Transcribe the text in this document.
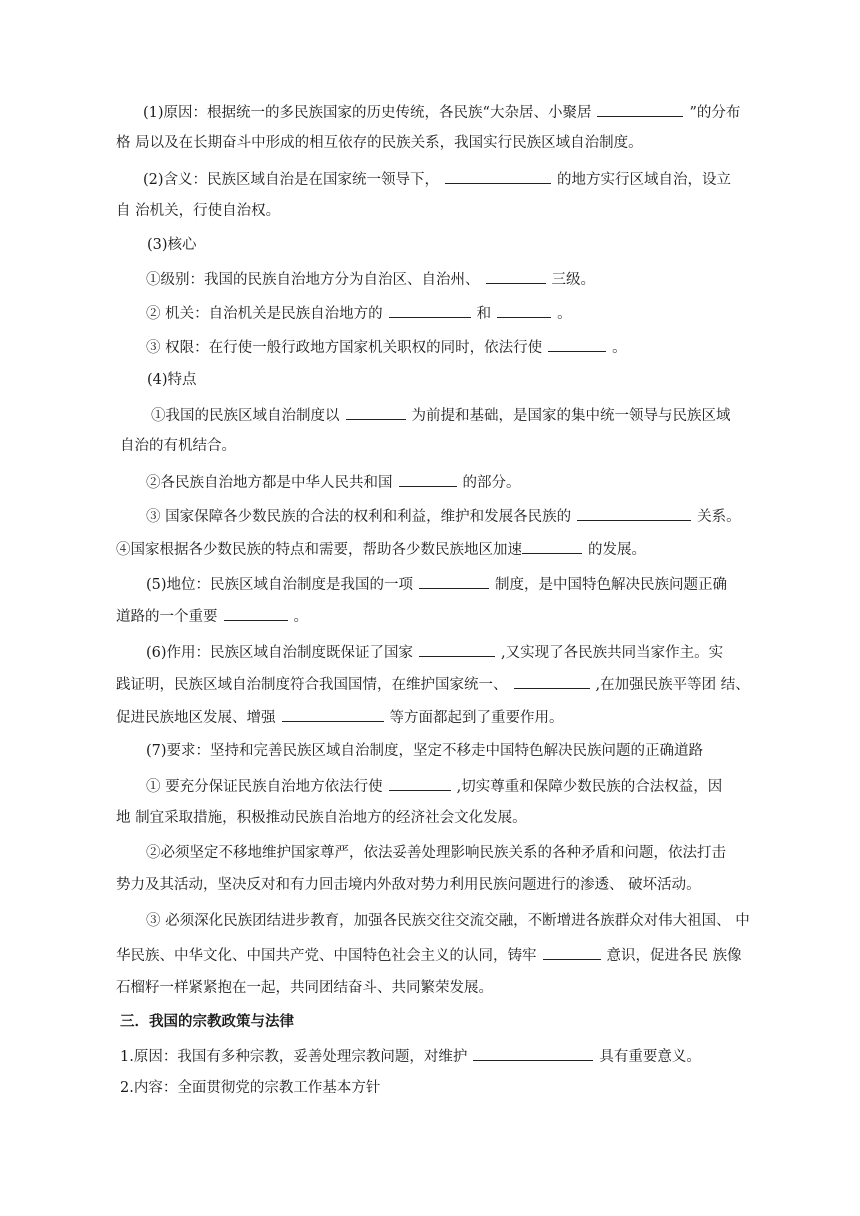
(1)原因：根据统一的多民族国家的历史传统，各民族“大杂居、小聚居	”的分布
格 局以及在长期奋斗中形成的相互依存的民族关系，我国实行民族区域自治制度。
(2)含义：民族区域自治是在国家统一领导下，	的地方实行区域自治，设立
自 治机关，行使自治权。
(3)核心
①级别：我国的民族自治地方分为自治区、自治州、	三级。
② 机关：自治机关是民族自治地方的	和	。
③ 权限：在行使一般行政地方国家机关职权的同时，依法行使	。
(4)特点
①我国的民族区域自治制度以	为前提和基础，是国家的集中统一领导与民族区域
自治的有机结合。
②各民族自治地方都是中华人民共和国	的部分。
③ 国家保障各少数民族的合法的权利和利益，维护和发展各民族的	关系。
④国家根据各少数民族的特点和需要，帮助各少数民族地区加速	的发展。
(5)地位：民族区域自治制度是我国的一项	制度，是中国特色解决民族问题正确
道路的一个重要	。
(6)作用：民族区域自治制度既保证了国家	,又实现了各民族共同当家作主。实
践证明，民族区域自治制度符合我国国情，在维护国家统一、	,在加强民族平等团 结、
促进民族地区发展、增强	等方面都起到了重要作用。
(7)要求：坚持和完善民族区域自治制度，坚定不移走中国特色解决民族问题的正确道路
① 要充分保证民族自治地方依法行使	,切实尊重和保障少数民族的合法权益，因
地 制宜采取措施，积极推动民族自治地方的经济社会文化发展。
②必须坚定不移地维护国家尊严，依法妥善处理影响民族关系的各种矛盾和问题，依法打击
势力及其活动，坚决反对和有力回击境内外敌对势力利用民族问题进行的渗透、 破坏活动。
③ 必须深化民族团结进步教育，加强各民族交往交流交融，不断增进各族群众对伟大祖国、 中
华民族、中华文化、中国共产党、中国特色社会主义的认同，铸牢	意识，促进各民 族像
石榴籽一样紧紧抱在一起，共同团结奋斗、共同繁荣发展。
三．我国的宗教政策与法律
1.原因：我国有多种宗教，妥善处理宗教问题，对维护	具有重要意义。
2.内容：全面贯彻党的宗教工作基本方针
